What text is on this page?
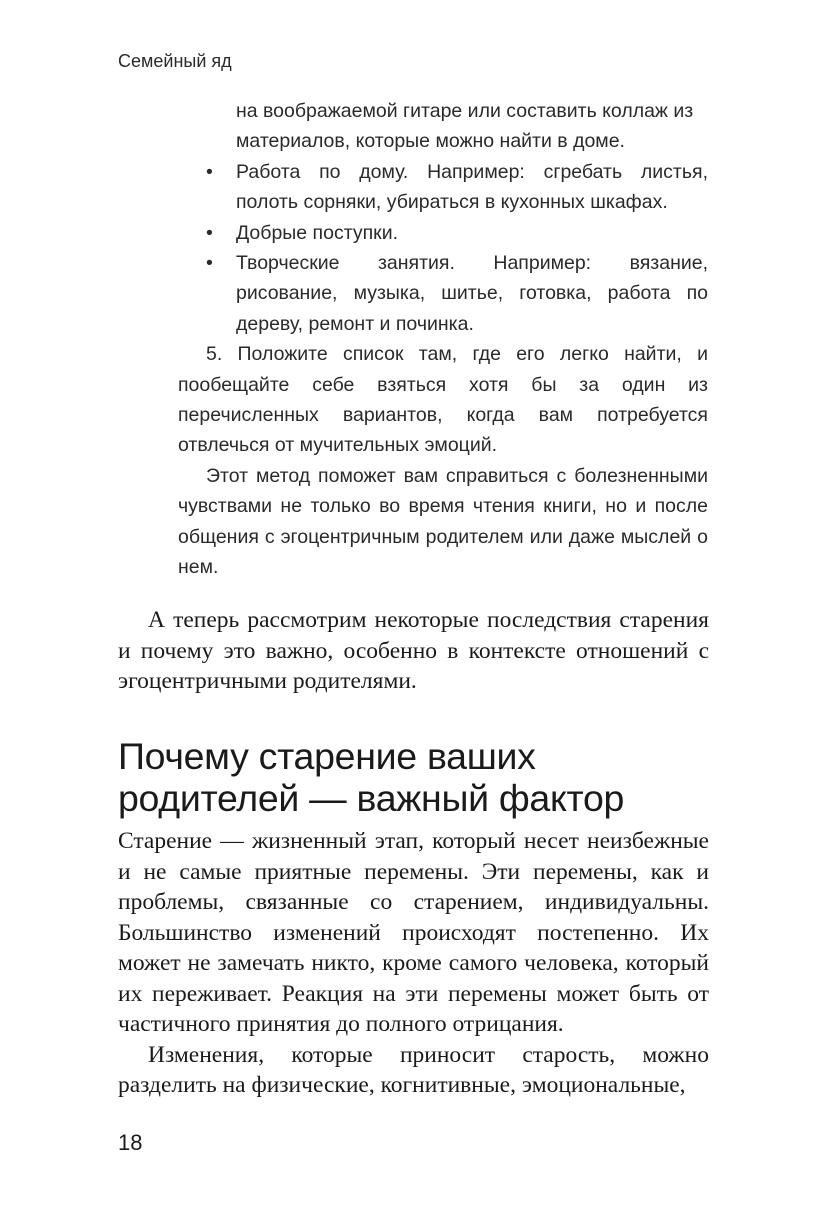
Семейный яд
на воображаемой гитаре или составить коллаж из
материалов, которые можно найти в доме.
• Работа по дому. Например: сгребать листья, полоть сорняки, убираться в кухонных шкафах.
• Добрые поступки.
• Творческие занятия. Например: вязание, рисование, музыка, шитье, готовка, работа по дереву, ремонт и починка.

5. Положите список там, где его легко найти, и пообещайте себе взяться хотя бы за один из перечисленных вариантов, когда вам потребуется отвлечься от мучительных эмоций.

Этот метод поможет вам справиться с болезненными чувствами не только во время чтения книги, но и после общения с эгоцентричным родителем или даже мыслей о нем.

А теперь рассмотрим некоторые последствия старения и почему это важно, особенно в контексте отношений с эгоцентричными родителями.

Почему старение ваших родителей — важный фактор

Старение — жизненный этап, который несет неизбежные и не самые приятные перемены. Эти перемены, как и проблемы, связанные со старением, индивидуальны. Большинство изменений происходят постепенно. Их может не замечать никто, кроме самого человека, который их переживает. Реакция на эти перемены может быть от частичного принятия до полного отрицания.

Изменения, которые приносит старость, можно разделить на физические, когнитивные, эмоциональные,

18
